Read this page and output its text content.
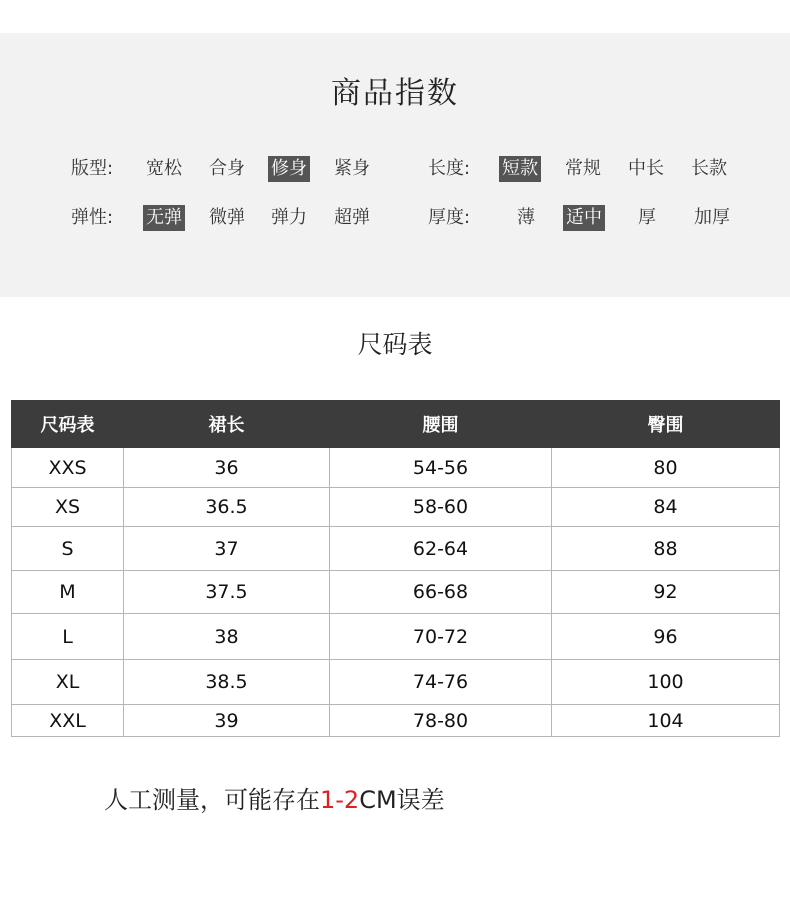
商品指数
版型: 宽松 合身 修身 紧身	长度: 短款 常规 中长 长款
弹性: 无弹 微弹 弹力 超弹	厚度:	薄 适中 厚 加厚
尺码表
尺码表	裙长	腰围	臀围
XXS	36	54-56	80
XS	36.5	58-60	84
S	37	62-64	88
M	37.5	66-68	92
L	38	70-72	96
XL	38.5	74-76	100
XXL	39	78-80	104
人工测量，可能存在1-2CM误差
